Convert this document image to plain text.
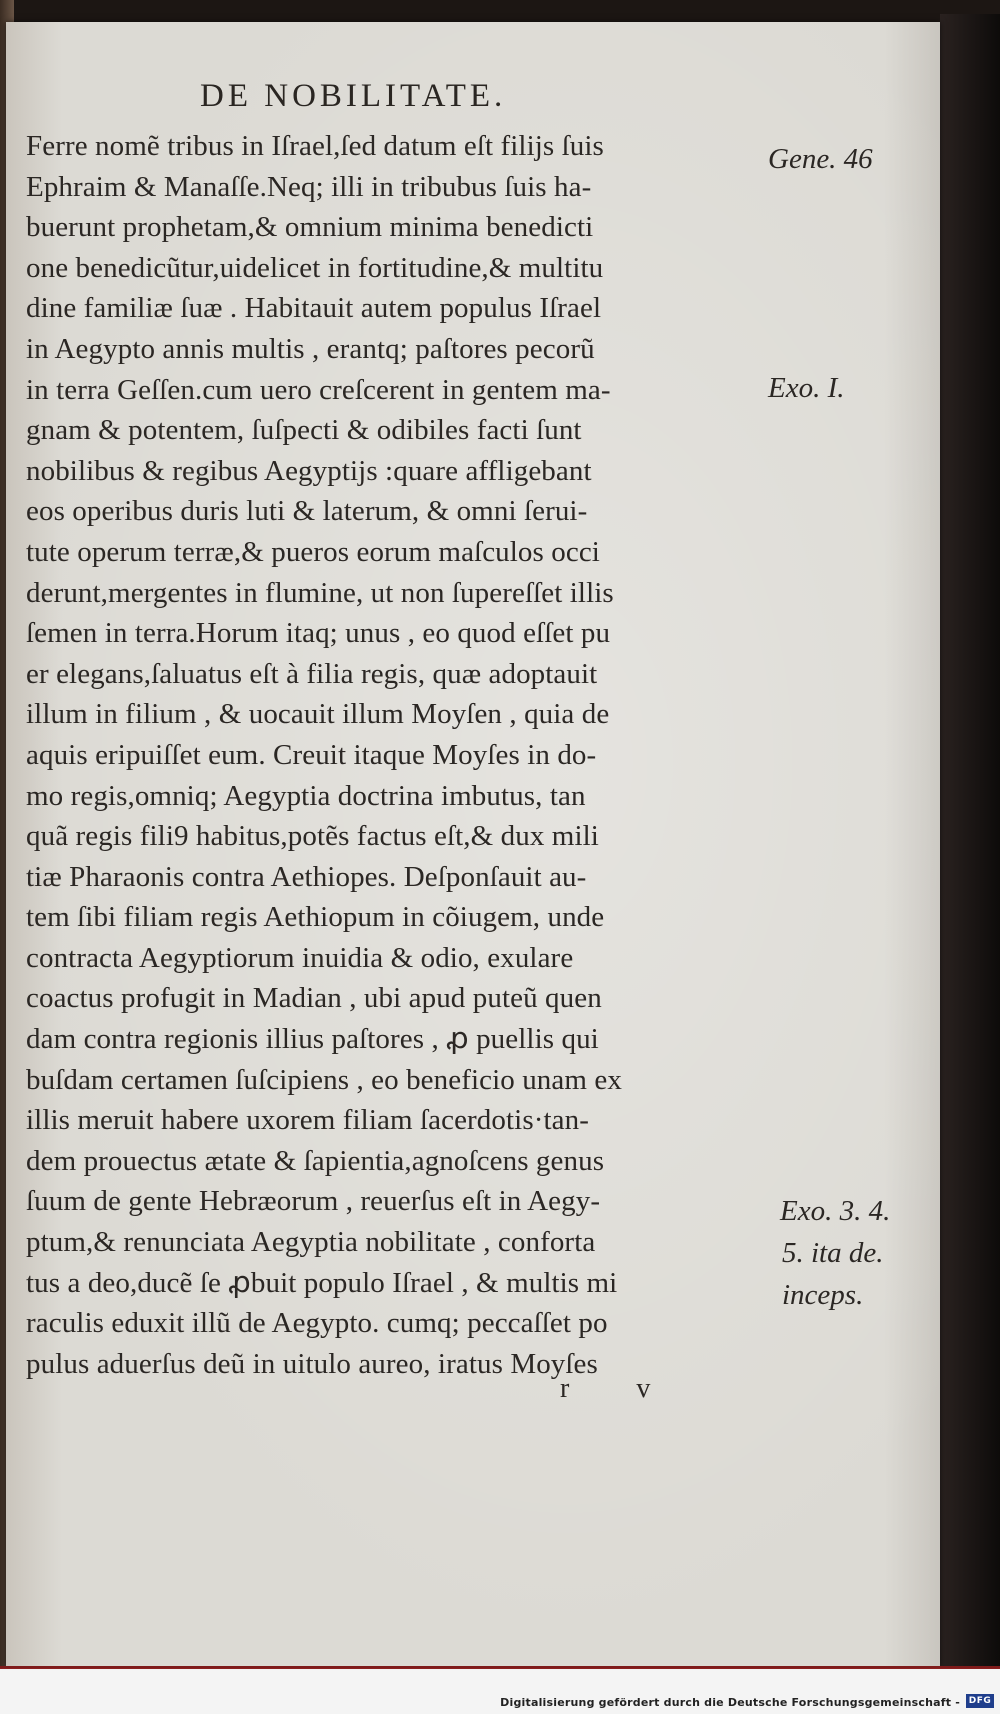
DE NOBILITATE.
Ferre nomẽ tribus in Iſrael,ſed datum eſt filijs ſuis
Ephraim & Manaſſe.Neq; illi in tribubus ſuis ha-
buerunt prophetam,& omnium minima benedicti
one benedicũtur,uidelicet in fortitudine,& multitu
dine familiæ ſuæ . Habitauit autem populus Iſrael
in Aegypto annis multis , erantq; paſtores pecorũ
in terra Geſſen.cum uero creſcerent in gentem ma-
gnam & potentem, ſuſpecti & odibiles facti ſunt
nobilibus & regibus Aegyptijs :quare affligebant
eos operibus duris luti & laterum, & omni ſerui-
tute operum terræ,& pueros eorum maſculos occi
derunt,mergentes in flumine, ut non ſupereſſet illis
ſemen in terra.Horum itaq; unus , eo quod eſſet pu
er elegans,ſaluatus eſt à filia regis, quæ adoptauit
illum in filium , & uocauit illum Moyſen , quia de
aquis eripuiſſet eum. Creuit itaque Moyſes in do-
mo regis,omniq; Aegyptia doctrina imbutus, tan
quã regis fili9 habitus,potẽs factus eſt,& dux mili
tiæ Pharaonis contra Aethiopes. Deſponſauit au-
tem ſibi filiam regis Aethiopum in cõiugem, unde
contracta Aegyptiorum inuidia & odio, exulare
coactus profugit in Madian , ubi apud puteũ quen
dam contra regionis illius paſtores , ꝓ puellis qui
buſdam certamen ſuſcipiens , eo beneficio unam ex
illis meruit habere uxorem filiam ſacerdotis·tan-
dem prouectus ætate & ſapientia,agnoſcens genus
ſuum de gente Hebræorum , reuerſus eſt in Aegy-
ptum,& renunciata Aegyptia nobilitate , conforta
tus a deo,ducẽ ſe ꝓbuit populo Iſrael , & multis mi
raculis eduxit illũ de Aegypto. cumq; peccaſſet po
pulus aduerſus deũ in uitulo aureo, iratus Moyſes
Gene. 46
Exo. I.
Exo. 3. 4.
5. ita de.
inceps.
r v
Digitalisierung gefördert durch die Deutsche Forschungsgemeinschaft - DFG
